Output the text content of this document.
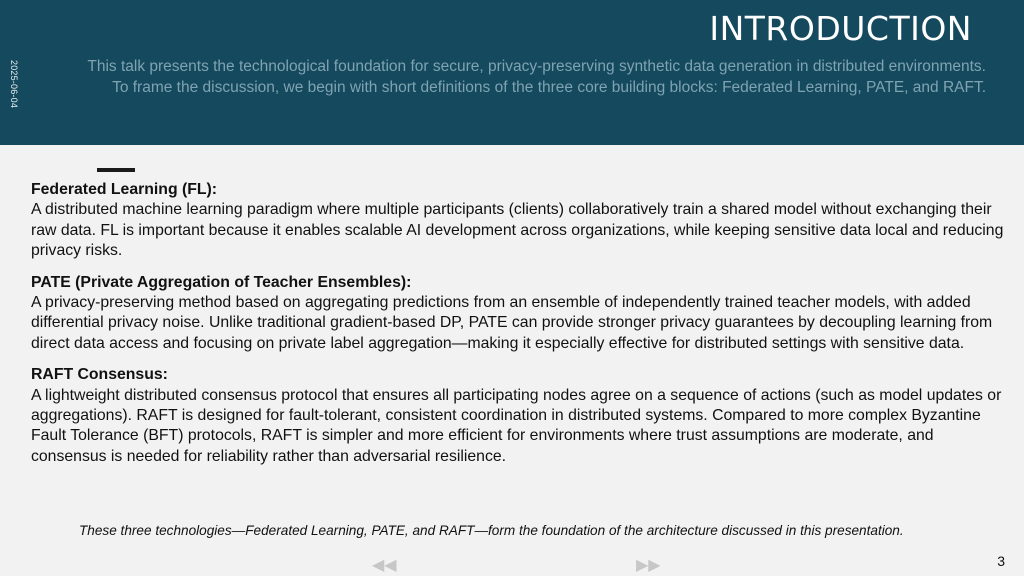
2025-06-04
INTRODUCTION
This talk presents the technological foundation for secure, privacy-preserving synthetic data generation in distributed environments. To frame the discussion, we begin with short definitions of the three core building blocks: Federated Learning, PATE, and RAFT.

Federated Learning (FL):
A distributed machine learning paradigm where multiple participants (clients) collaboratively train a shared model without exchanging their raw data. FL is important because it enables scalable AI development across organizations, while keeping sensitive data local and reducing privacy risks.

PATE (Private Aggregation of Teacher Ensembles):
A privacy-preserving method based on aggregating predictions from an ensemble of independently trained teacher models, with added differential privacy noise. Unlike traditional gradient-based DP, PATE can provide stronger privacy guarantees by decoupling learning from direct data access and focusing on private label aggregation—making it especially effective for distributed settings with sensitive data.

RAFT Consensus:
A lightweight distributed consensus protocol that ensures all participating nodes agree on a sequence of actions (such as model updates or aggregations). RAFT is designed for fault-tolerant, consistent coordination in distributed systems. Compared to more complex Byzantine Fault Tolerance (BFT) protocols, RAFT is simpler and more efficient for environments where trust assumptions are moderate, and consensus is needed for reliability rather than adversarial resilience.

These three technologies—Federated Learning, PATE, and RAFT—form the foundation of the architecture discussed in this presentation.
◀◀	▶▶	3
